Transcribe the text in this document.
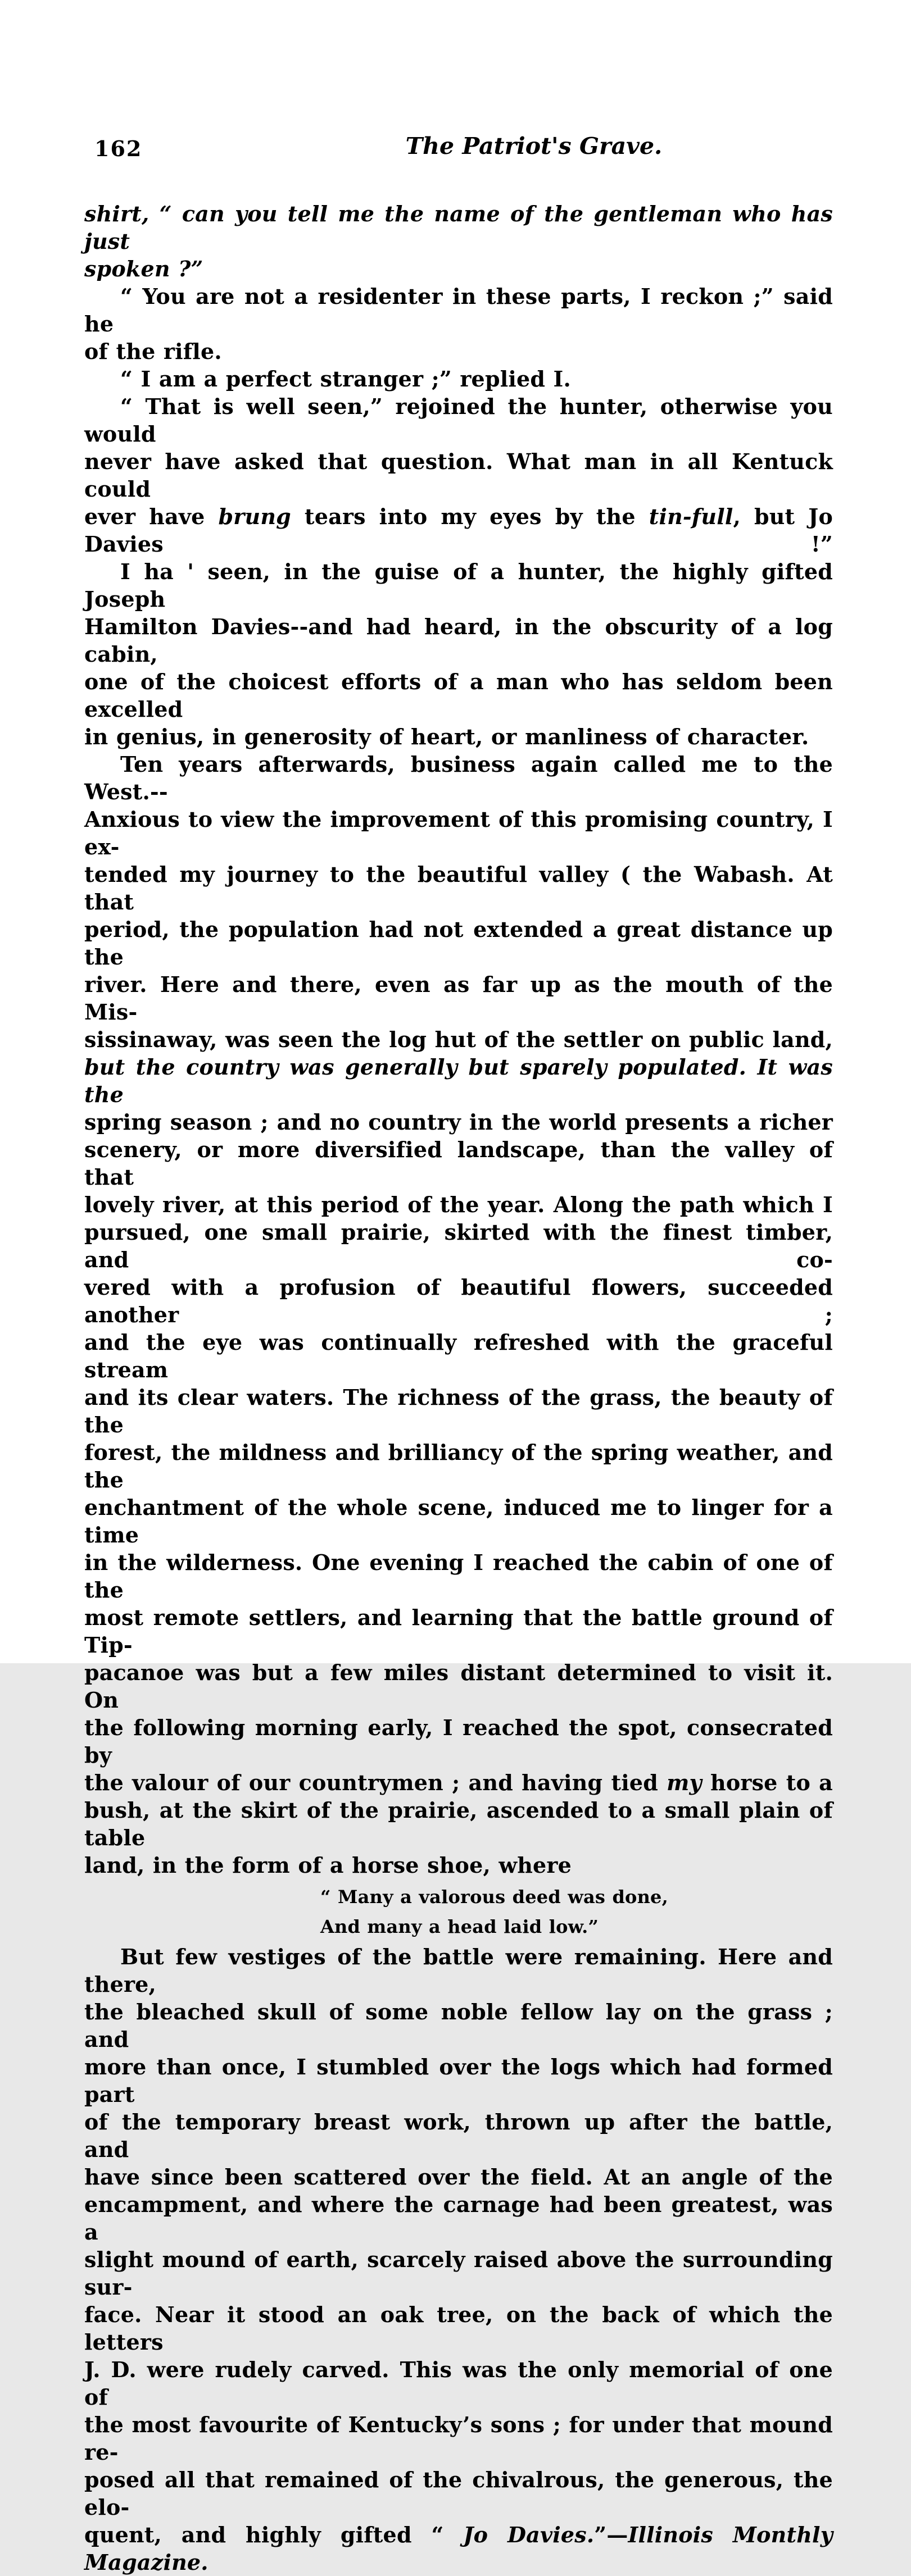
162	The Patriot's Grave.
shirt, “ can you tell me the name of the gentleman who has just
spoken ?”
“ You are not a residenter in these parts, I reckon ;” said he
of the rifle.
“ I am a perfect stranger ;” replied I.
“ That is well seen,” rejoined the hunter, otherwise you would
never have asked that question. What man in all Kentuck could
ever have brung tears into my eyes by the tin-full, but Jo Davies !”
I ha ' seen, in the guise of a hunter, the highly gifted Joseph
Hamilton Davies--and had heard, in the obscurity of a log cabin,
one of the choicest efforts of a man who has seldom been excelled
in genius, in generosity of heart, or manliness of character.
Ten years afterwards, business again called me to the West.--
Anxious to view the improvement of this promising country, I ex-
tended my journey to the beautiful valley ( the Wabash. At that
period, the population had not extended a great distance up the
river. Here and there, even as far up as the mouth of the Mis-
sissinaway, was seen the log hut of the settler on public land,
but the country was generally but sparely populated. It was the
spring season ; and no country in the world presents a richer
scenery, or more diversified landscape, than the valley of that
lovely river, at this period of the year. Along the path which I
pursued, one small prairie, skirted with the finest timber, and co-
vered with a profusion of beautiful flowers, succeeded another ;
and the eye was continually refreshed with the graceful stream
and its clear waters. The richness of the grass, the beauty of the
forest, the mildness and brilliancy of the spring weather, and the
enchantment of the whole scene, induced me to linger for a time
in the wilderness. One evening I reached the cabin of one of the
most remote settlers, and learning that the battle ground of Tip-
pacanoe was but a few miles distant determined to visit it. On
the following morning early, I reached the spot, consecrated by
the valour of our countrymen ; and having tied my horse to a
bush, at the skirt of the prairie, ascended to a small plain of table
land, in the form of a horse shoe, where
“ Many a valorous deed was done,
And many a head laid low.”
But few vestiges of the battle were remaining. Here and there,
the bleached skull of some noble fellow lay on the grass ; and
more than once, I stumbled over the logs which had formed part
of the temporary breast work, thrown up after the battle, and
have since been scattered over the field. At an angle of the
encampment, and where the carnage had been greatest, was a
slight mound of earth, scarcely raised above the surrounding sur-
face. Near it stood an oak tree, on the back of which the letters
J. D. were rudely carved. This was the only memorial of one of
the most favourite of Kentucky’s sons ; for under that mound re-
posed all that remained of the chivalrous, the generous, the elo-
quent, and highly gifted “ Jo Davies.”—Illinois Monthly Magazine.
